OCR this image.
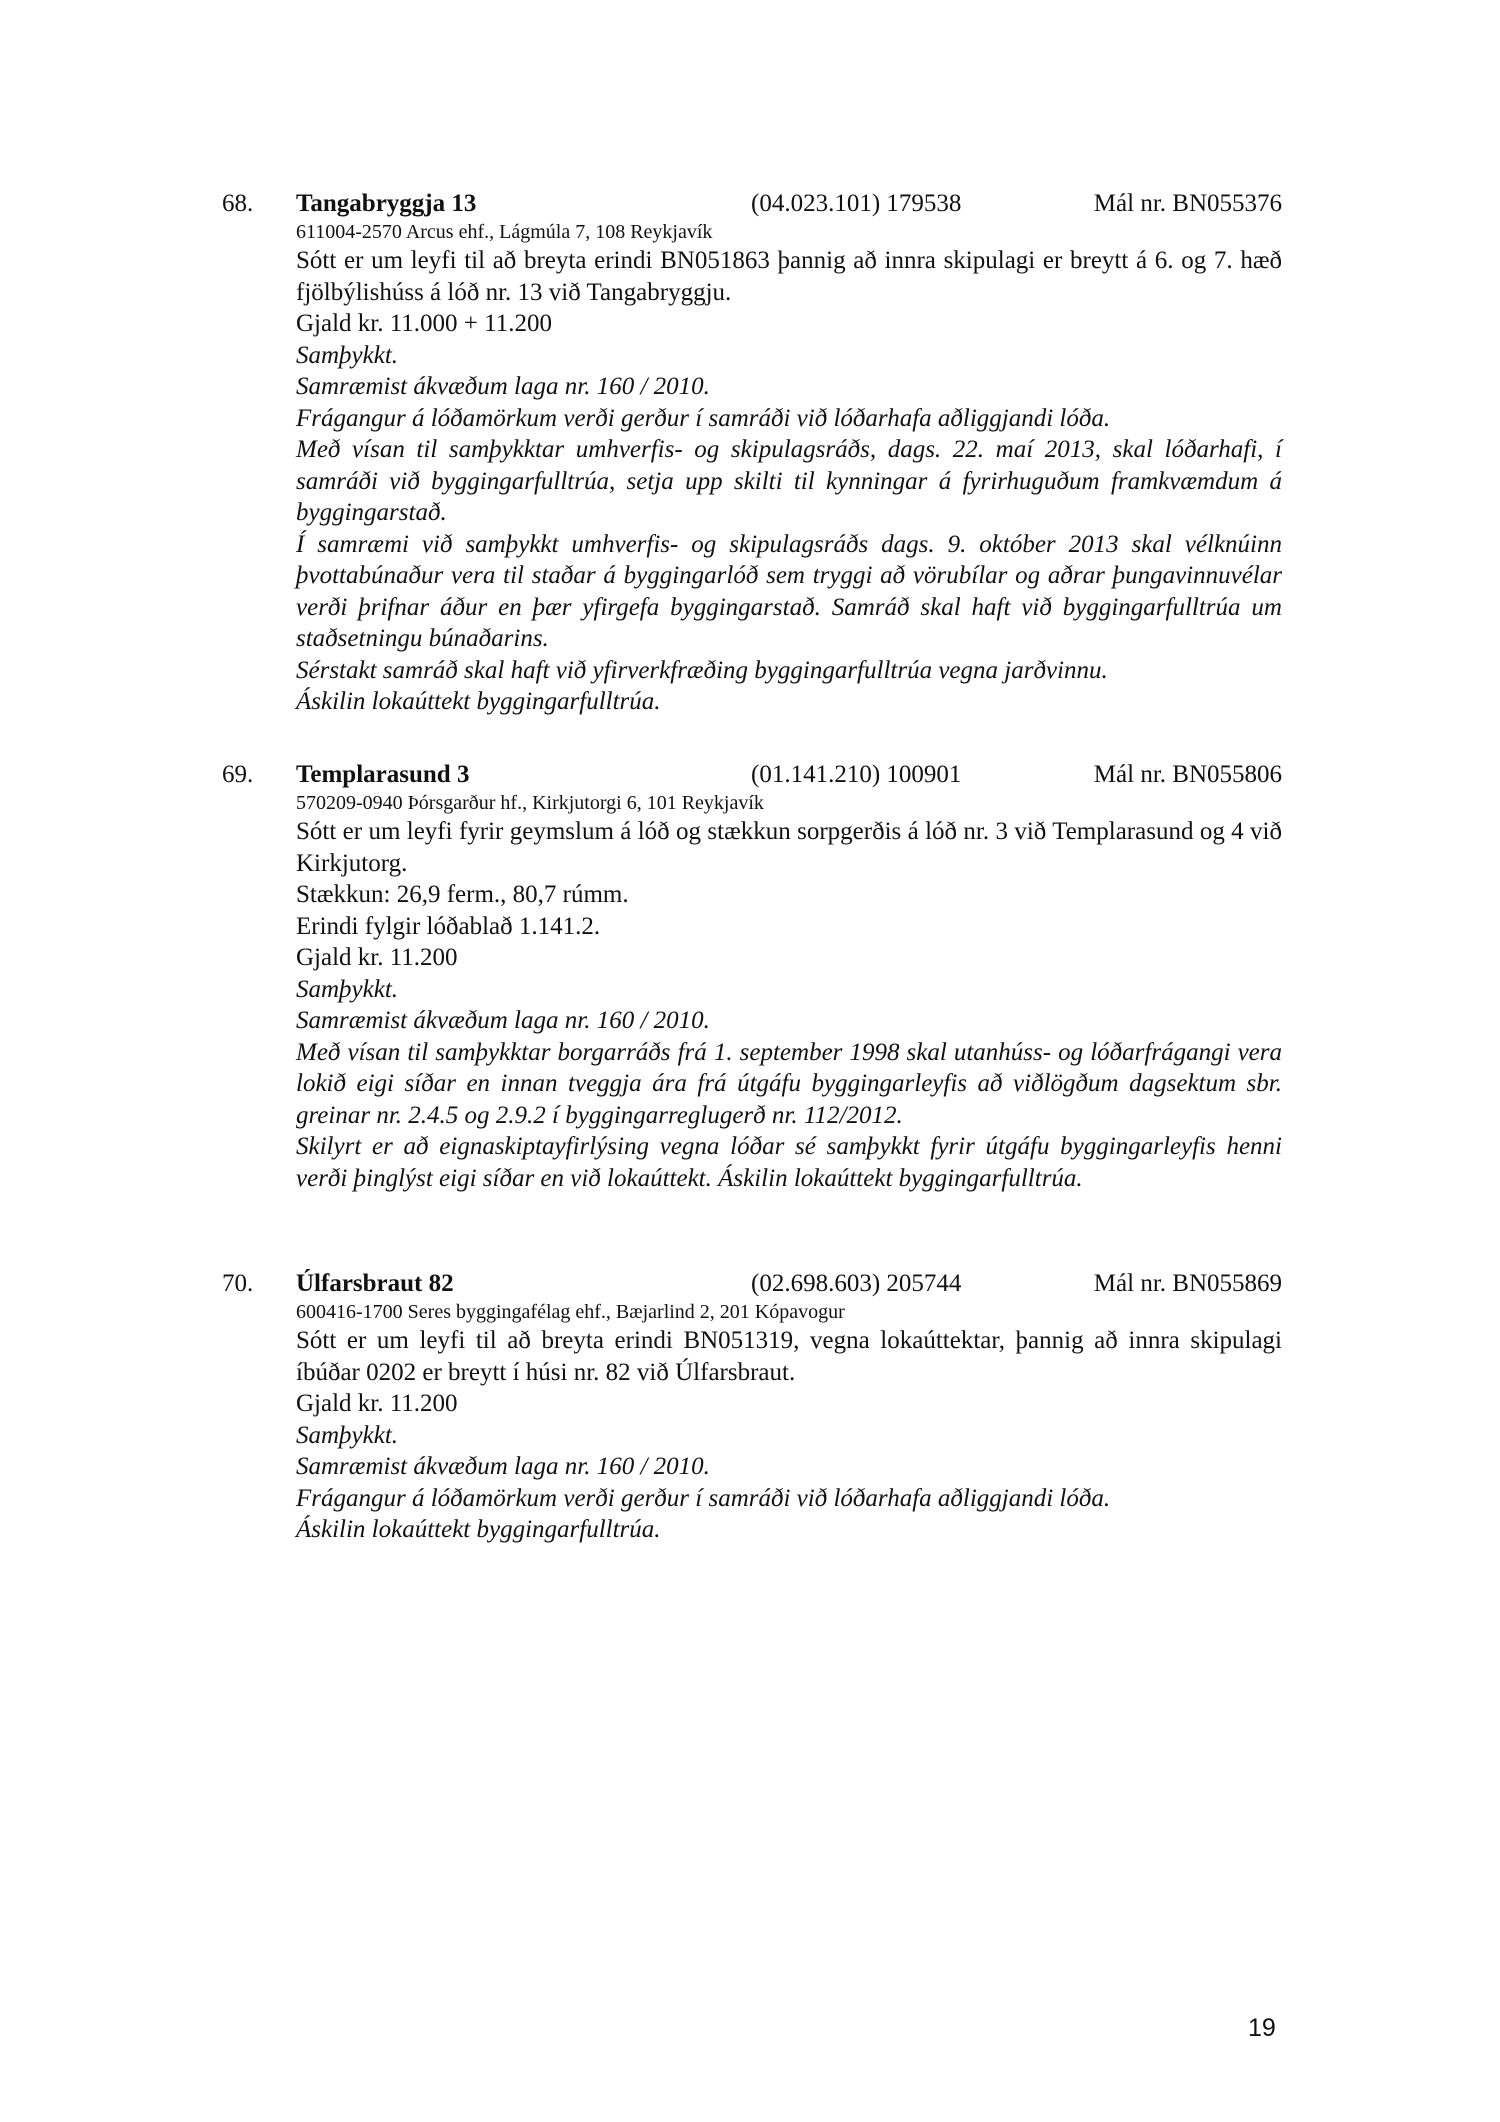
68. Tangabryggja 13	(04.023.101) 179538	Mál nr. BN055376
611004-2570 Arcus ehf., Lágmúla 7, 108 Reykjavík

Sótt er um leyfi til að breyta erindi BN051863 þannig að innra skipulagi er breytt á 6. og 7. hæð fjölbýlishúss á lóð nr. 13 við Tangabryggju.

Gjald kr. 11.000 + 11.200

Samþykkt.

Samræmist ákvæðum laga nr. 160 / 2010.

Frágangur á lóðamörkum verði gerður í samráði við lóðarhafa aðliggjandi lóða.

Með vísan til samþykktar umhverfis- og skipulagsráðs, dags. 22. maí 2013, skal lóðarhafi, í samráði við byggingarfulltrúa, setja upp skilti til kynningar á fyrirhuguðum framkvæmdum á byggingarstað.

Í samræmi við samþykkt umhverfis- og skipulagsráðs dags. 9. október 2013 skal vélknúinn þvottabúnaður vera til staðar á byggingarlóð sem tryggi að vörubílar og aðrar þungavinnuvélar verði þrifnar áður en þær yfirgefa byggingarstað. Samráð skal haft við byggingarfulltrúa um staðsetningu búnaðarins.

Sérstakt samráð skal haft við yfirverkfræðing byggingarfulltrúa vegna jarðvinnu.

Áskilin lokaúttekt byggingarfulltrúa.

69. Templarasund 3	(01.141.210) 100901	Mál nr. BN055806
570209-0940 Þórsgarður hf., Kirkjutorgi 6, 101 Reykjavík

Sótt er um leyfi fyrir geymslum á lóð og stækkun sorpgerðis á lóð nr. 3 við Templarasund og 4 við Kirkjutorg.

Stækkun: 26,9 ferm., 80,7 rúmm.

Erindi fylgir lóðablað 1.141.2.

Gjald kr. 11.200

Samþykkt.

Samræmist ákvæðum laga nr. 160 / 2010.

Með vísan til samþykktar borgarráðs frá 1. september 1998 skal utanhúss- og lóðarfrágangi vera lokið eigi síðar en innan tveggja ára frá útgáfu byggingarleyfis að viðlögðum dagsektum sbr. greinar nr. 2.4.5 og 2.9.2 í byggingarreglugerð nr. 112/2012.

Skilyrt er að eignaskiptayfirlýsing vegna lóðar sé samþykkt fyrir útgáfu byggingarleyfis henni verði þinglýst eigi síðar en við lokaúttekt. Áskilin lokaúttekt byggingarfulltrúa.

70. Úlfarsbraut 82	(02.698.603) 205744	Mál nr. BN055869
600416-1700 Seres byggingafélag ehf., Bæjarlind 2, 201 Kópavogur

Sótt er um leyfi til að breyta erindi BN051319, vegna lokaúttektar, þannig að innra skipulagi íbúðar 0202 er breytt í húsi nr. 82 við Úlfarsbraut.

Gjald kr. 11.200

Samþykkt.

Samræmist ákvæðum laga nr. 160 / 2010.

Frágangur á lóðamörkum verði gerður í samráði við lóðarhafa aðliggjandi lóða.

Áskilin lokaúttekt byggingarfulltrúa.

19
